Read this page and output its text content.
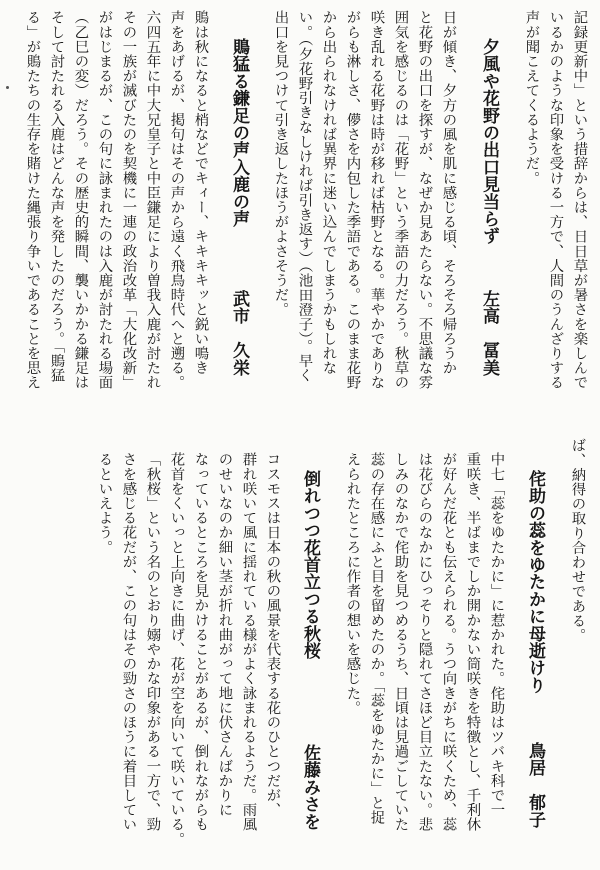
記録更新中」という措辞からは、日日草が暑さを楽しんで
いるかのような印象を受ける一方で、人間のうんざりする
声が聞こえてくるようだ。
夕風や花野の出口見当らず
左高　冨美
日が傾き、夕方の風を肌に感じる頃、そろそろ帰ろうか
と花野の出口を探すが、なぜか見あたらない。不思議な雰
囲気を感じるのは「花野」という季語の力だろう。秋草の
咲き乱れる花野は時が移れば枯野となる。華やかでありな
がらも淋しさ、儚さを内包した季語である。このまま花野
から出られなければ異界に迷い込んでしまうかもしれな
い。（夕花野引きなしければ引き返す）（池田澄子）。早く
出口を見つけて引き返したほうがよさそうだ。
鵙猛る鎌足の声入鹿の声
武市　久栄
鵙は秋になると梢などでキィー、キキキキッと鋭い鳴き
声をあげるが、掲句はその声から遠く飛鳥時代へと遡る。
六四五年に中大兄皇子と中臣鎌足により曽我入鹿が討たれ
その一族が滅びたのを契機に一連の政治改革「大化改新」
がはじまるが、この句に詠まれたのは入鹿が討たれる場面
（乙巳の変）だろう。その歴史的瞬間、襲いかかる鎌足は
そして討たれる入鹿はどんな声を発したのだろう。「鵙猛
る」が鵙たちの生存を賭けた縄張り争いであることを思え
ば、納得の取り合わせである。
侘助の蕊をゆたかに母逝けり
鳥居　郁子
中七「蕊をゆたかに」に惹かれた。侘助はツバキ科で一
重咲き、半ばまでしか開かない筒咲きを特徴とし、千利休
が好んだ花とも伝えられる。うつ向きがちに咲くため、蕊
は花びらのなかにひっそりと隠れてさほど目立たない。悲
しみのなかで侘助を見つめるうち、日頃は見過ごしていた
蕊の存在感にふと目を留めたのか。「蕊をゆたかに」と捉
えられたところに作者の想いを感じた。
倒れつつ花首立つる秋桜
佐藤みさを
コスモスは日本の秋の風景を代表する花のひとつだが、
群れ咲いて風に揺れている様がよく詠まれるようだ。雨風
のせいなのか細い茎が折れ曲がって地に伏さんばかりに
なっているところを見かけることがあるが、倒れながらも
花首をくいっと上向きに曲げ、花が空を向いて咲いている。
「秋桜」という名のとおり嫋やかな印象がある一方で、勁
さを感じる花だが、この句はその勁さのほうに着目してい
るといえよう。
